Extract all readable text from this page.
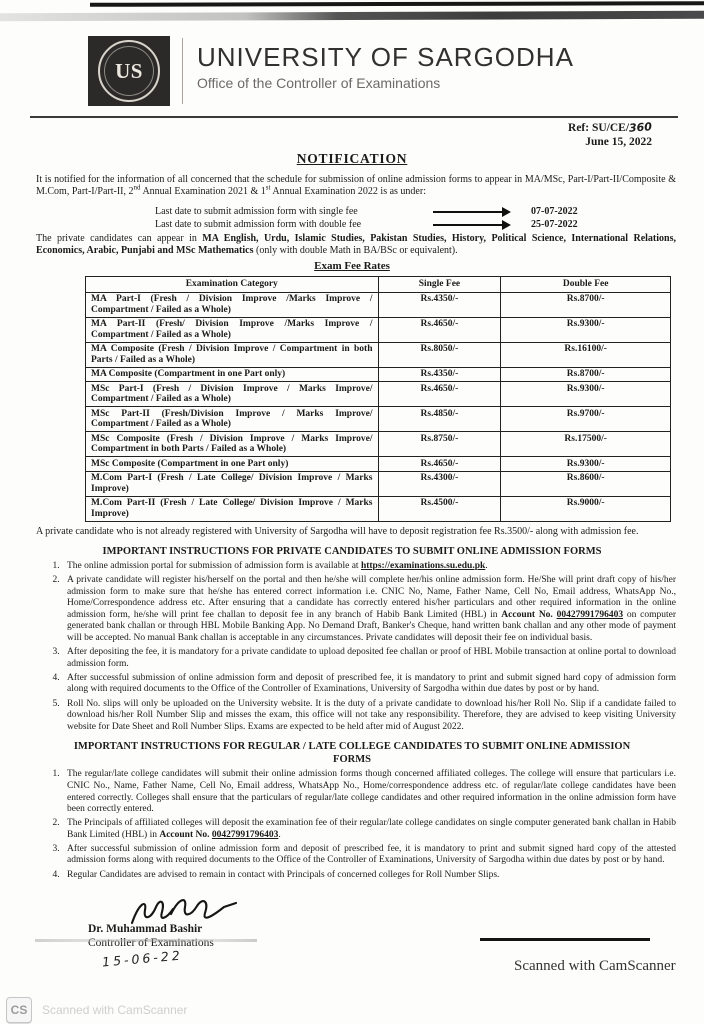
US UNIVERSITY OF SARGODHA
Office of the Controller of Examinations
Ref: SU/CE/360
June 15, 2022
NOTIFICATION
It is notified for the information of all concerned that the schedule for submission of online admission forms to appear in MA/MSc, Part-I/Part-II/Composite & M.Com, Part-I/Part-II, 2nd Annual Examination 2021 & 1st Annual Examination 2022 is as under:
Last date to submit admission form with single fee	07-07-2022
Last date to submit admission form with double fee	25-07-2022
The private candidates can appear in MA English, Urdu, Islamic Studies, Pakistan Studies, History, Political Science, International Relations, Economics, Arabic, Punjabi and MSc Mathematics (only with double Math in BA/BSc or equivalent).
Exam Fee Rates
Examination Category	Single Fee	Double Fee
MA Part-I (Fresh / Division Improve /Marks Improve / Compartment / Failed as a Whole)	Rs.4350/-	Rs.8700/-
MA Part-II (Fresh/ Division Improve /Marks Improve / Compartment / Failed as a Whole)	Rs.4650/-	Rs.9300/-
MA Composite (Fresh / Division Improve / Compartment in both Parts / Failed as a Whole)	Rs.8050/-	Rs.16100/-
MA Composite (Compartment in one Part only)	Rs.4350/-	Rs.8700/-
MSc Part-I (Fresh / Division Improve / Marks Improve/ Compartment / Failed as a Whole)	Rs.4650/-	Rs.9300/-
MSc Part-II (Fresh/Division Improve / Marks Improve/ Compartment / Failed as a Whole)	Rs.4850/-	Rs.9700/-
MSc Composite (Fresh / Division Improve / Marks Improve/ Compartment in both Parts / Failed as a Whole)	Rs.8750/-	Rs.17500/-
MSc Composite (Compartment in one Part only)	Rs.4650/-	Rs.9300/-
M.Com Part-I (Fresh / Late College/ Division Improve / Marks Improve)	Rs.4300/-	Rs.8600/-
M.Com Part-II (Fresh / Late College/ Division Improve / Marks Improve)	Rs.4500/-	Rs.9000/-
A private candidate who is not already registered with University of Sargodha will have to deposit registration fee Rs.3500/- along with admission fee.
IMPORTANT INSTRUCTIONS FOR PRIVATE CANDIDATES TO SUBMIT ONLINE ADMISSION FORMS
1. The online admission portal for submission of admission form is available at https://examinations.su.edu.pk.
2. A private candidate will register his/herself on the portal and then he/she will complete her/his online admission form. He/She will print draft copy of his/her admission form to make sure that he/she has entered correct information i.e. CNIC No, Name, Father Name, Cell No, Email address, WhatsApp No., Home/Correspondence address etc. After ensuring that a candidate has correctly entered his/her particulars and other required information in the online admission form, he/she will print fee challan to deposit fee in any branch of Habib Bank Limited (HBL) in Account No. 00427991796403 on computer generated bank challan or through HBL Mobile Banking App. No Demand Draft, Banker's Cheque, hand written bank challan and any other mode of payment will be accepted. No manual Bank challan is acceptable in any circumstances. Private candidates will deposit their fee on individual basis.
3. After depositing the fee, it is mandatory for a private candidate to upload deposited fee challan or proof of HBL Mobile transaction at online portal to download admission form.
4. After successful submission of online admission form and deposit of prescribed fee, it is mandatory to print and submit signed hard copy of admission form along with required documents to the Office of the Controller of Examinations, University of Sargodha within due dates by post or by hand.
5. Roll No. slips will only be uploaded on the University website. It is the duty of a private candidate to download his/her Roll No. Slip if a candidate failed to download his/her Roll Number Slip and misses the exam, this office will not take any responsibility. Therefore, they are advised to keep visiting University website for Date Sheet and Roll Number Slips. Exams are expected to be held after mid of August 2022.
IMPORTANT INSTRUCTIONS FOR REGULAR / LATE COLLEGE CANDIDATES TO SUBMIT ONLINE ADMISSION FORMS
1. The regular/late college candidates will submit their online admission forms though concerned affiliated colleges. The college will ensure that particulars i.e. CNIC No., Name, Father Name, Cell No, Email address, WhatsApp No., Home/correspondence address etc. of regular/late college candidates have been entered correctly. Colleges shall ensure that the particulars of regular/late college candidates and other required information in the online admission form have been correctly entered.
2. The Principals of affiliated colleges will deposit the examination fee of their regular/late college candidates on single computer generated bank challan in Habib Bank Limited (HBL) in Account No. 00427991796403.
3. After successful submission of online admission form and deposit of prescribed fee, it is mandatory to print and submit signed hard copy of the attested admission forms along with required documents to the Office of the Controller of Examinations, University of Sargodha within due dates by post or by hand.
4. Regular Candidates are advised to remain in contact with Principals of concerned colleges for Roll Number Slips.
Dr. Muhammad Bashir
Controller of Examinations
15-06-22	Scanned with CamScanner
CS	Scanned with CamScanner
